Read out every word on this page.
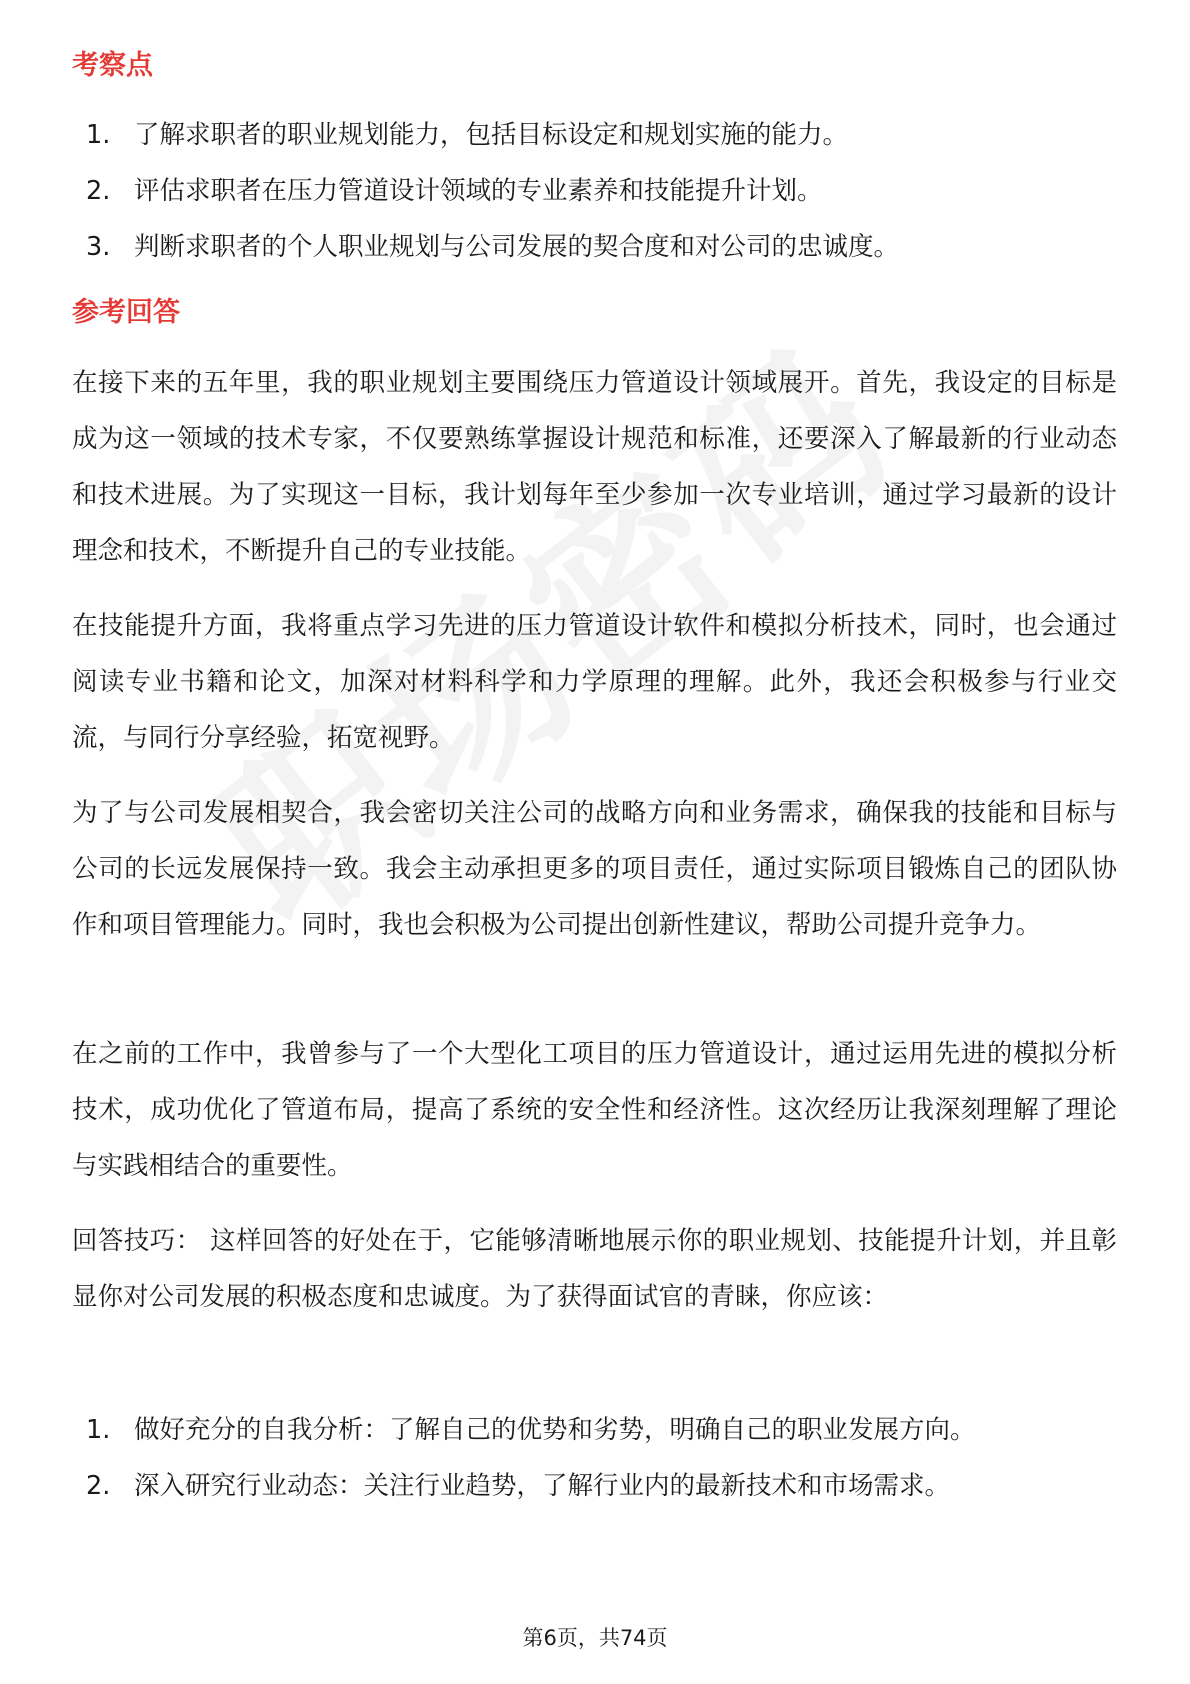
考察点
1. 了解求职者的职业规划能力，包括目标设定和规划实施的能力。
2. 评估求职者在压力管道设计领域的专业素养和技能提升计划。
3. 判断求职者的个人职业规划与公司发展的契合度和对公司的忠诚度。
参考回答

在接下来的五年里，我的职业规划主要围绕压力管道设计领域展开。首先，我设定的目标是成为这一领域的技术专家，不仅要熟练掌握设计规范和标准，还要深入了解最新的行业动态和技术进展。为了实现这一目标，我计划每年至少参加一次专业培训，通过学习最新的设计理念和技术，不断提升自己的专业技能。

在技能提升方面，我将重点学习先进的压力管道设计软件和模拟分析技术，同时，也会通过阅读专业书籍和论文，加深对材料科学和力学原理的理解。此外，我还会积极参与行业交流，与同行分享经验，拓宽视野。

为了与公司发展相契合，我会密切关注公司的战略方向和业务需求，确保我的技能和目标与公司的长远发展保持一致。我会主动承担更多的项目责任，通过实际项目锻炼自己的团队协作和项目管理能力。同时，我也会积极为公司提出创新性建议，帮助公司提升竞争力。

在之前的工作中，我曾参与了一个大型化工项目的压力管道设计，通过运用先进的模拟分析技术，成功优化了管道布局，提高了系统的安全性和经济性。这次经历让我深刻理解了理论与实践相结合的重要性。

回答技巧： 这样回答的好处在于，它能够清晰地展示你的职业规划、技能提升计划，并且彰显你对公司发展的积极态度和忠诚度。为了获得面试官的青睐，你应该：

1. 做好充分的自我分析：了解自己的优势和劣势，明确自己的职业发展方向。
2. 深入研究行业动态：关注行业趋势，了解行业内的最新技术和市场需求。
第6页，共74页
